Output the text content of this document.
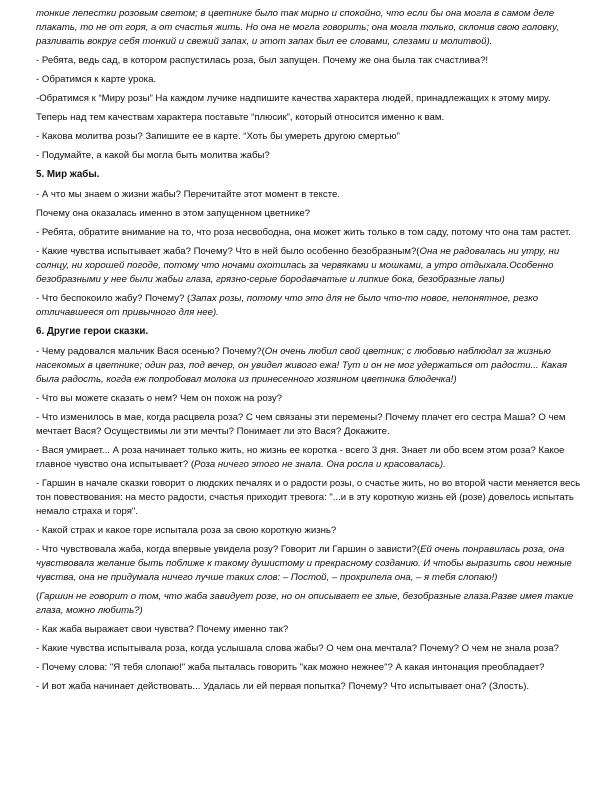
тонкие лепестки розовым светом; в цветнике было так мирно и спокойно, что если бы она могла в самом деле плакать, то не от горя, а от счастья жить. Но она не могла говорить; она могла только, склонив свою головку, разливать вокруг себя тонкий и свежий запах, и этот запах был ее словами, слезами и молитвой).

- Ребята, ведь сад, в котором распустилась роза, был запущен. Почему же она была так счастлива?!

- Обратимся к карте урока.

-Обратимся к “Миру розы” На каждом лучике надпишите качества характера людей, принадлежащих к этому миру.

Теперь над тем качествам характера поставьте “плюсик”, который относится именно к вам.

- Какова молитва розы? Запишите ее в карте. “Хоть бы умереть другою смертью”

- Подумайте, а какой бы могла быть молитва жабы?

5. Мир жабы.

- А что мы знаем о жизни жабы? Перечитайте этот момент в тексте.

Почему она оказалась именно в этом запущенном цветнике?

- Ребята, обратите внимание на то, что роза несвободна, она может жить только в том саду, потому что она там растет.

- Какие чувства испытывает жаба? Почему? Что в ней было особенно безобразным?(Она не радовалась ни утру, ни солнцу, ни хорошей погоде, потому что ночами охотилась за червяками и мошками, а утро отдыхала.Особенно безобразными у нее были жабьи глаза, грязно-серые бородавчатые и липкие бока, безобразные лапы)

- Что беспокоило жабу? Почему? (Запах розы, потому что это для не было что-то новое, непонятное, резко отличавшееся от привычного для нее).

6. Другие герои сказки.

- Чему радовался мальчик Вася осенью? Почему?(Он очень любил свой цветник; с любовью наблюдал за жизнью насекомых в цветнике; один раз, под вечер, он увидел живого ежа! Тут и он не мог удержаться от радости... Какая была радость, когда еж попробовал молока из принесенного хозяином цветника блюдечка!)

- Что вы можете сказать о нем? Чем он похож на розу?

- Что изменилось в мае, когда расцвела роза? С чем связаны эти перемены? Почему плачет его сестра Маша? О чем мечтает Вася? Осуществимы ли эти мечты? Понимает ли это Вася? Докажите.

- Вася умирает... А роза начинает только жить, но жизнь ее коротка - всего 3 дня. Знает ли обо всем этом роза? Какое главное чувство она испытывает? (Роза ничего этого не знала. Она росла и красовалась).

- Гаршин в начале сказки говорит о людских печалях и о радости розы, о счастье жить, но во второй части меняется весь тон повествования: на место радости, счастья приходит тревога: "...и в эту короткую жизнь ей (розе) довелось испытать немало страха и горя".

- Какой страх и какое горе испытала роза за свою короткую жизнь?

- Что чувствовала жаба, когда впервые увидела розу? Говорит ли Гаршин о зависти?(Ей очень понравилась роза, она чувствовала желание быть поближе к такому душистому и прекрасному созданию. И чтобы выразить свои нежные чувства, она не придумала ничего лучше таких слов: – Постой, – прохрипела она, – я тебя слопаю!)

(Гаршин не говорит о том, что жаба завидует розе, но он описывает ее злые, безобразные глаза.Разве имея такие глаза, можно любить?)

- Как жаба выражает свои чувства? Почему именно так?

- Какие чувства испытывала роза, когда услышала слова жабы? О чем она мечтала? Почему? О чем не знала роза?

- Почему слова: "Я тебя слопаю!" жаба пыталась говорить "как можно нежнее"? А какая интонация преобладает?

- И вот жаба начинает действовать... Удалась ли ей первая попытка? Почему? Что испытывает она? (Злость).
